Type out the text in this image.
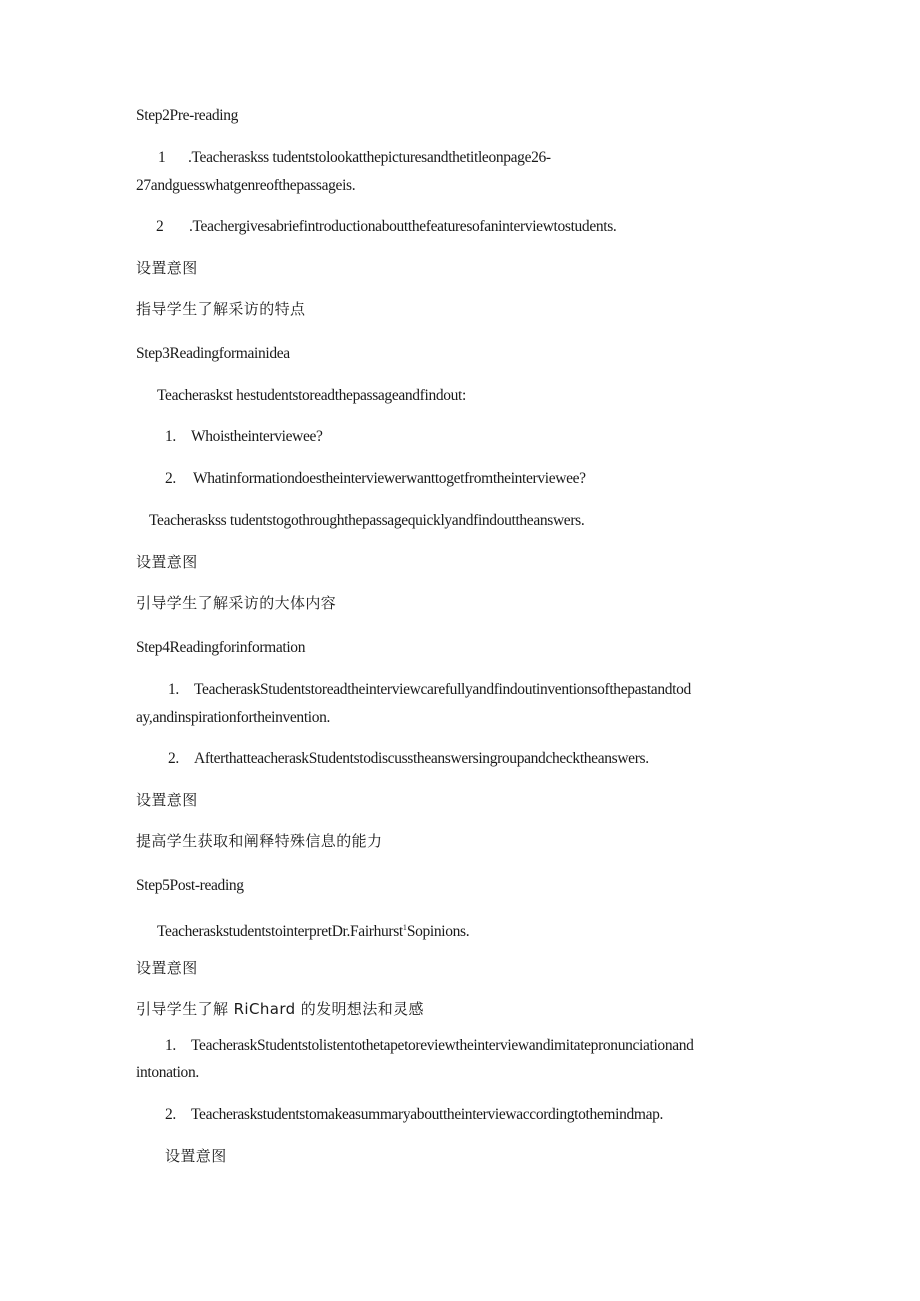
Step2Pre-reading
1 .Teacheraskss tudentstolookatthepicturesandthetitleonpage26-
27andguesswhatgenreofthepassageis.
2 .Teachergivesabriefintroductionaboutthefeaturesofaninterviewtostudents.
设置意图
指导学生了解采访的特点
Step3Readingformainidea
Teacheraskst hestudentstoreadthepassageandfindout:
1. Whoistheinterviewee?
2. Whatinformationdoestheinterviewerwanttogetfromtheinterviewee?
Teacheraskss tudentstogothroughthepassagequicklyandfindouttheanswers.
设置意图
引导学生了解采访的大体内容
Step4Readingforinformation
1. TeacheraskStudentstoreadtheinterviewcarefullyandfindoutinventionsofthepastandtod
ay,andinspirationfortheinvention.
2. AfterthatteacheraskStudentstodiscusstheanswersingroupandchecktheanswers.
设置意图
提高学生获取和阐释特殊信息的能力
Step5Post-reading
TeacheraskstudentstointerpretDr.Fairhurst$^1$Sopinions.
设置意图
引导学生了解 RiChard 的发明想法和灵感
1. TeacheraskStudentstolistentothetapetoreviewtheinterviewandimitatepronunciationand
intonation.
2. Teacheraskstudentstomakeasummaryabouttheinterviewaccordingtothemindmap.
设置意图
